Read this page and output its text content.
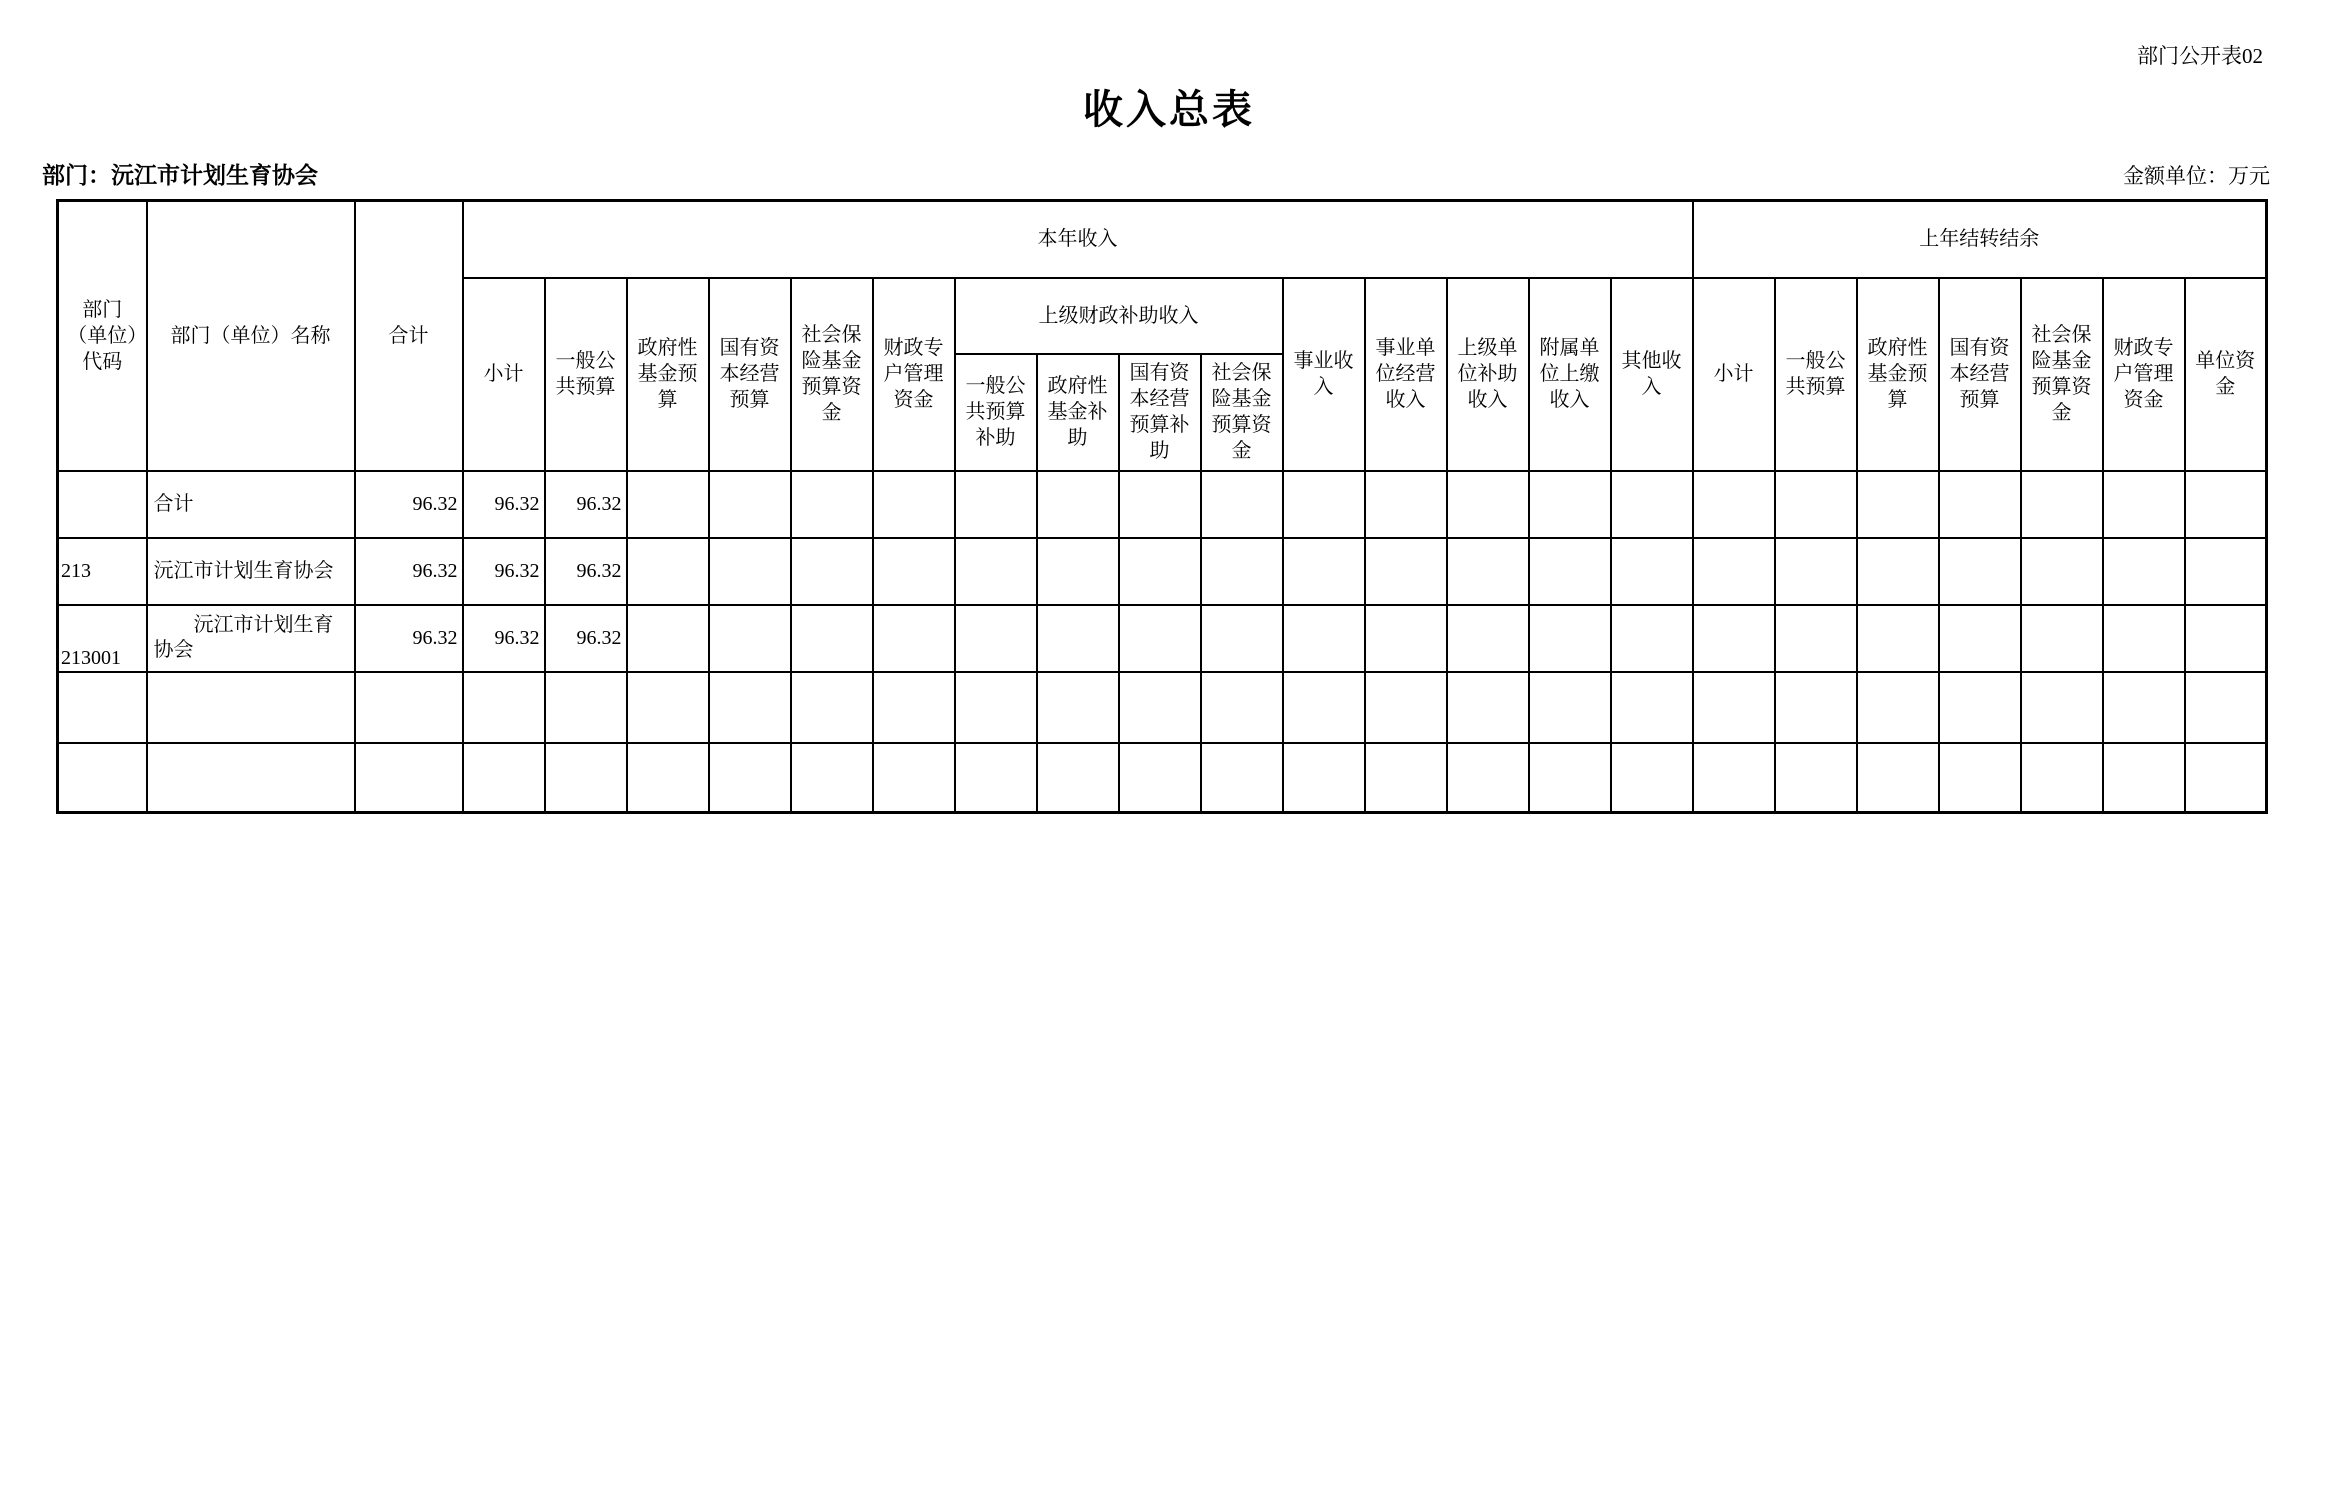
部门公开表02
收入总表
部门：沅江市计划生育协会	金额单位：万元
部门（单位）代码	部门（单位）名称	合计	本年收入															上年结转结余						
			小计	一般公共预算	政府性基金预算	国有资本经营预算	社会保险基金预算资金	财政专户管理资金	上级财政补助收入				事业收入	事业单位经营收入	上级单位补助收入	附属单位上缴收入	其他收入	小计	一般公共预算	政府性基金预算	国有资本经营预算	社会保险基金预算资金	财政专户管理资金	单位资金
									一般公共预算补助	政府性基金补助	国有资本经营预算补助	社会保险基金预算资金												
	合计	96.32	96.32	96.32																				
213	沅江市计划生育协会	96.32	96.32	96.32																				
213001	沅江市计划生育协会	96.32	96.32	96.32																				
